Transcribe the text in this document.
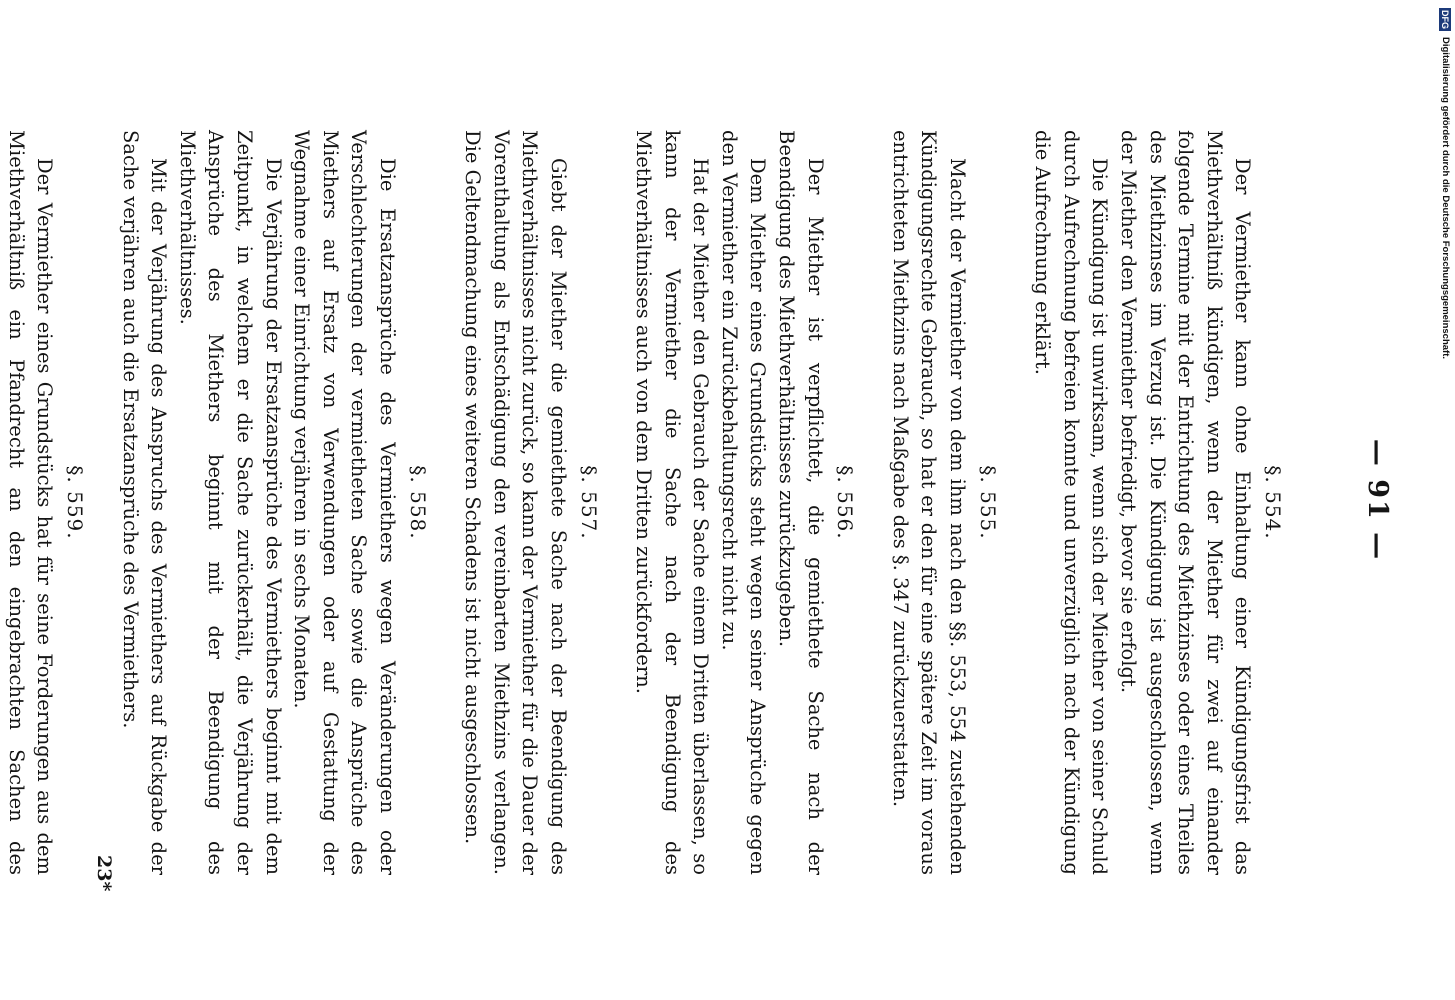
— 91 —
§. 554.

Der Vermiether kann ohne Einhaltung einer Kündigungsfrist das Miethverhältniß kündigen, wenn der Miether für zwei auf einander folgende Termine mit der Entrichtung des Miethzinses oder eines Theiles des Miethzinses im Verzug ist. Die Kündigung ist ausgeschlossen, wenn der Miether den Vermiether befriedigt, bevor sie erfolgt.

Die Kündigung ist unwirksam, wenn sich der Miether von seiner Schuld durch Aufrechnung befreien konnte und unverzüglich nach der Kündigung die Aufrechnung erklärt.

§. 555.

Macht der Vermiether von dem ihm nach den §§. 553, 554 zustehenden Kündigungsrechte Gebrauch, so hat er den für eine spätere Zeit im voraus entrichteten Miethzins nach Maßgabe des §. 347 zurückzuerstatten.

§. 556.

Der Miether ist verpflichtet, die gemiethete Sache nach der Beendigung des Miethverhältnisses zurückzugeben.

Dem Miether eines Grundstücks steht wegen seiner Ansprüche gegen den Vermiether ein Zurückbehaltungsrecht nicht zu.

Hat der Miether den Gebrauch der Sache einem Dritten überlassen, so kann der Vermiether die Sache nach der Beendigung des Miethverhältnisses auch von dem Dritten zurückfordern.

§. 557.

Giebt der Miether die gemiethete Sache nach der Beendigung des Miethverhältnisses nicht zurück, so kann der Vermiether für die Dauer der Vorenthaltung als Entschädigung den vereinbarten Miethzins verlangen. Die Geltendmachung eines weiteren Schadens ist nicht ausgeschlossen.

§. 558.

Die Ersatzansprüche des Vermiethers wegen Veränderungen oder Verschlechterungen der vermietheten Sache sowie die Ansprüche des Miethers auf Ersatz von Verwendungen oder auf Gestattung der Wegnahme einer Einrichtung verjähren in sechs Monaten.

Die Verjährung der Ersatzansprüche des Vermiethers beginnt mit dem Zeitpunkt, in welchem er die Sache zurückerhält, die Verjährung der Ansprüche des Miethers beginnt mit der Beendigung des Miethverhältnisses.

Mit der Verjährung des Anspruchs des Vermiethers auf Rückgabe der Sache verjähren auch die Ersatzansprüche des Vermiethers.

§. 559.

Der Vermiether eines Grundstücks hat für seine Forderungen aus dem Miethverhältniß ein Pfandrecht an den eingebrachten Sachen des	23*
DFG
Digitalisierung gefördert durch die Deutsche Forschungsgemeinschaft.
